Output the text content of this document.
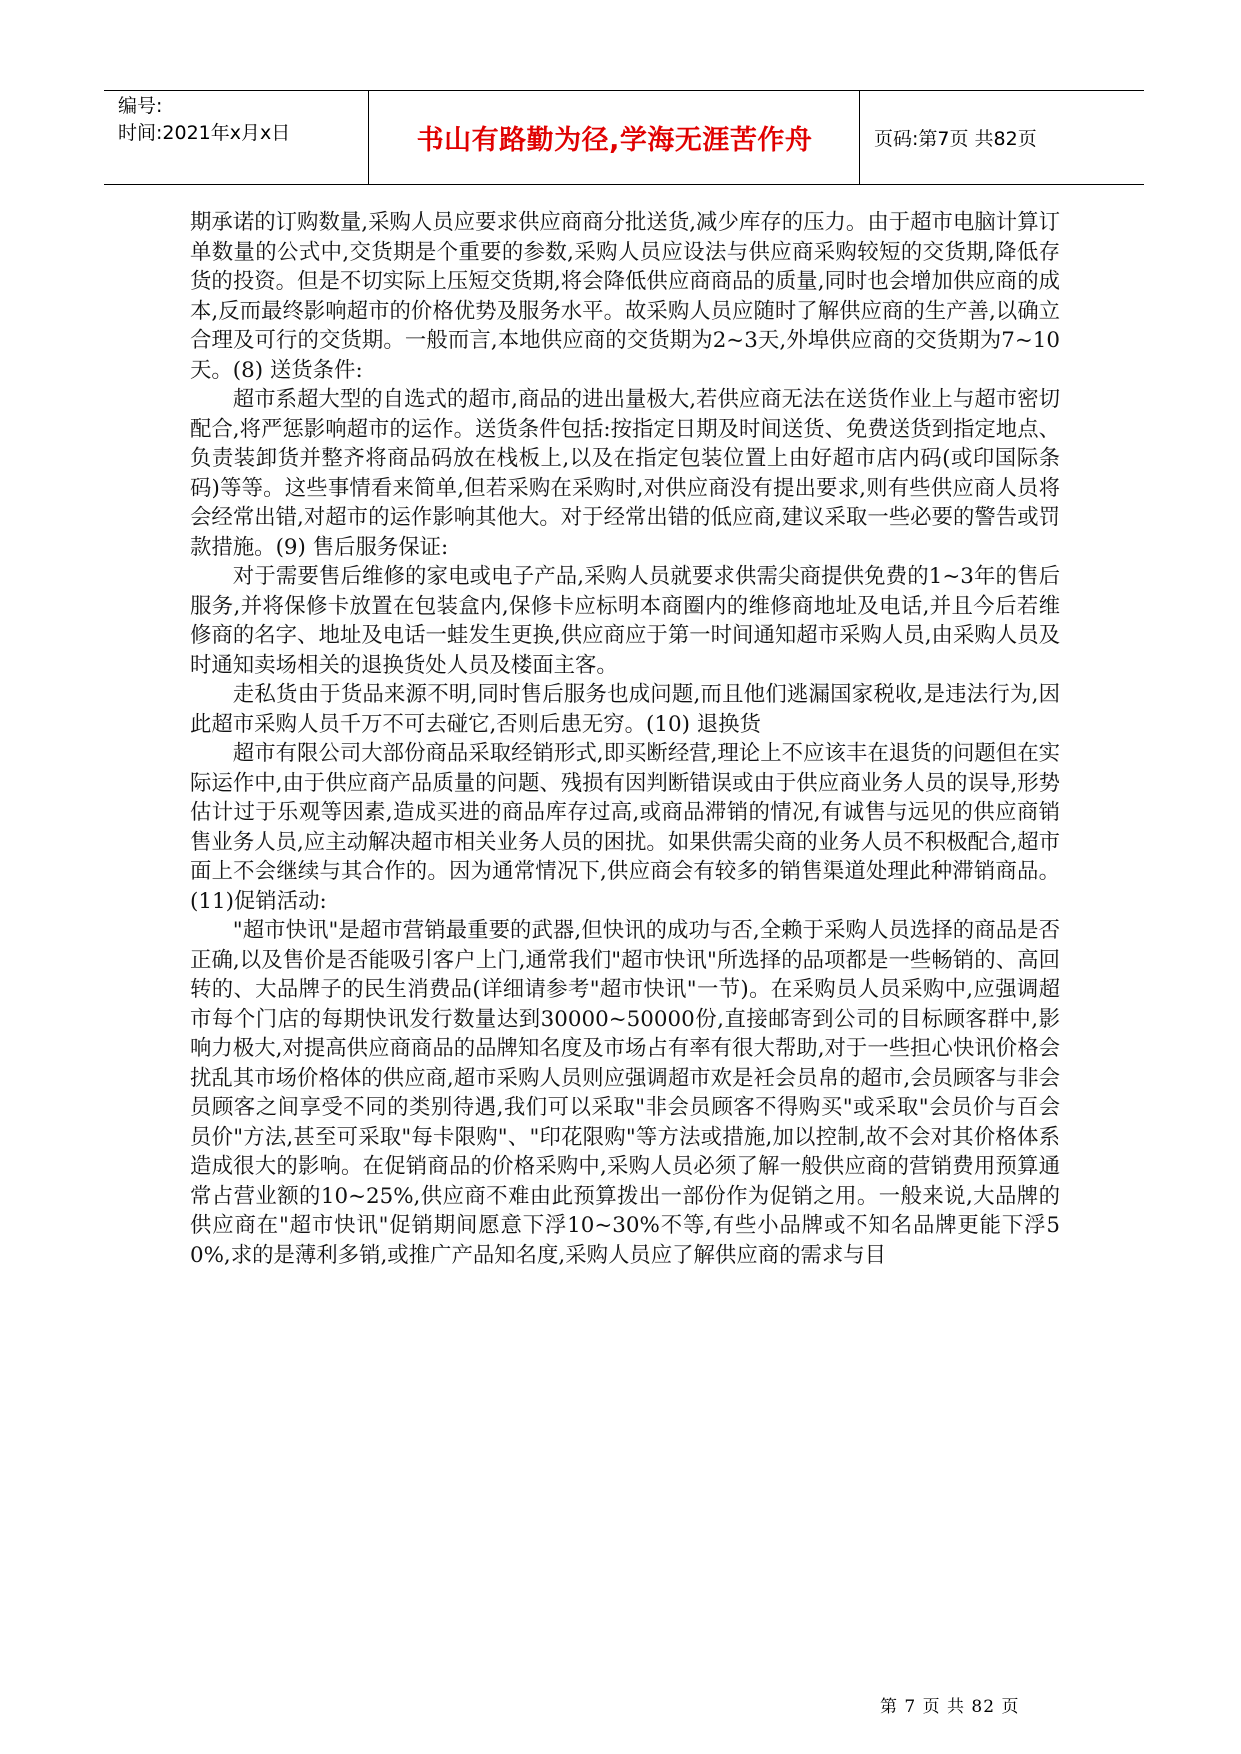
编号:
时间:2021年x月x日	书山有路勤为径,学海无涯苦作舟	页码:第7页 共82页

期承诺的订购数量,采购人员应要求供应商商分批送货,减少库存的压力。由于超市电脑计算订单数量的公式中,交货期是个重要的参数,采购人员应设法与供应商采购较短的交货期,降低存货的投资。但是不切实际上压短交货期,将会降低供应商商品的质量,同时也会增加供应商的成本,反而最终影响超市的价格优势及服务水平。故采购人员应随时了解供应商的生产善,以确立合理及可行的交货期。一般而言,本地供应商的交货期为2~3天,外埠供应商的交货期为7~10天。(8) 送货条件:

超市系超大型的自选式的超市,商品的进出量极大,若供应商无法在送货作业上与超市密切配合,将严惩影响超市的运作。送货条件包括:按指定日期及时间送货、免费送货到指定地点、负责装卸货并整齐将商品码放在栈板上,以及在指定包装位置上由好超市店内码(或印国际条码)等等。这些事情看来简单,但若采购在采购时,对供应商没有提出要求,则有些供应商人员将会经常出错,对超市的运作影响其他大。对于经常出错的低应商,建议采取一些必要的警告或罚款措施。(9) 售后服务保证:

对于需要售后维修的家电或电子产品,采购人员就要求供需尖商提供免费的1~3年的售后服务,并将保修卡放置在包装盒内,保修卡应标明本商圈内的维修商地址及电话,并且今后若维修商的名字、地址及电话一蛙发生更换,供应商应于第一时间通知超市采购人员,由采购人员及时通知卖场相关的退换货处人员及楼面主客。

走私货由于货品来源不明,同时售后服务也成问题,而且他们逃漏国家税收,是违法行为,因此超市采购人员千万不可去碰它,否则后患无穷。(10) 退换货

超市有限公司大部份商品采取经销形式,即买断经营,理论上不应该丰在退货的问题但在实际运作中,由于供应商产品质量的问题、残损有因判断错误或由于供应商业务人员的误导,形势估计过于乐观等因素,造成买进的商品库存过高,或商品滞销的情况,有诚售与远见的供应商销售业务人员,应主动解决超市相关业务人员的困扰。如果供需尖商的业务人员不积极配合,超市面上不会继续与其合作的。因为通常情况下,供应商会有较多的销售渠道处理此种滞销商品。(11)促销活动:

"超市快讯"是超市营销最重要的武器,但快讯的成功与否,全赖于采购人员选择的商品是否正确,以及售价是否能吸引客户上门,通常我们"超市快讯"所选择的品项都是一些畅销的、高回转的、大品牌子的民生消费品(详细请参考"超市快讯"一节)。在采购员人员采购中,应强调超市每个门店的每期快讯发行数量达到30000~50000份,直接邮寄到公司的目标顾客群中,影响力极大,对提高供应商商品的品牌知名度及市场占有率有很大帮助,对于一些担心快讯价格会扰乱其市场价格体的供应商,超市采购人员则应强调超市欢是衽会员帛的超市,会员顾客与非会员顾客之间享受不同的类别待遇,我们可以采取"非会员顾客不得购买"或采取"会员价与百会员价"方法,甚至可采取"每卡限购"、"印花限购"等方法或措施,加以控制,故不会对其价格体系造成很大的影响。在促销商品的价格采购中,采购人员必须了解一般供应商的营销费用预算通常占营业额的10~25%,供应商不难由此预算拨出一部份作为促销之用。一般来说,大品牌的供应商在"超市快讯"促销期间愿意下浮10~30%不等,有些小品牌或不知名品牌更能下浮50%,求的是薄利多销,或推广产品知名度,采购人员应了解供应商的需求与目

第 7 页 共 82 页
